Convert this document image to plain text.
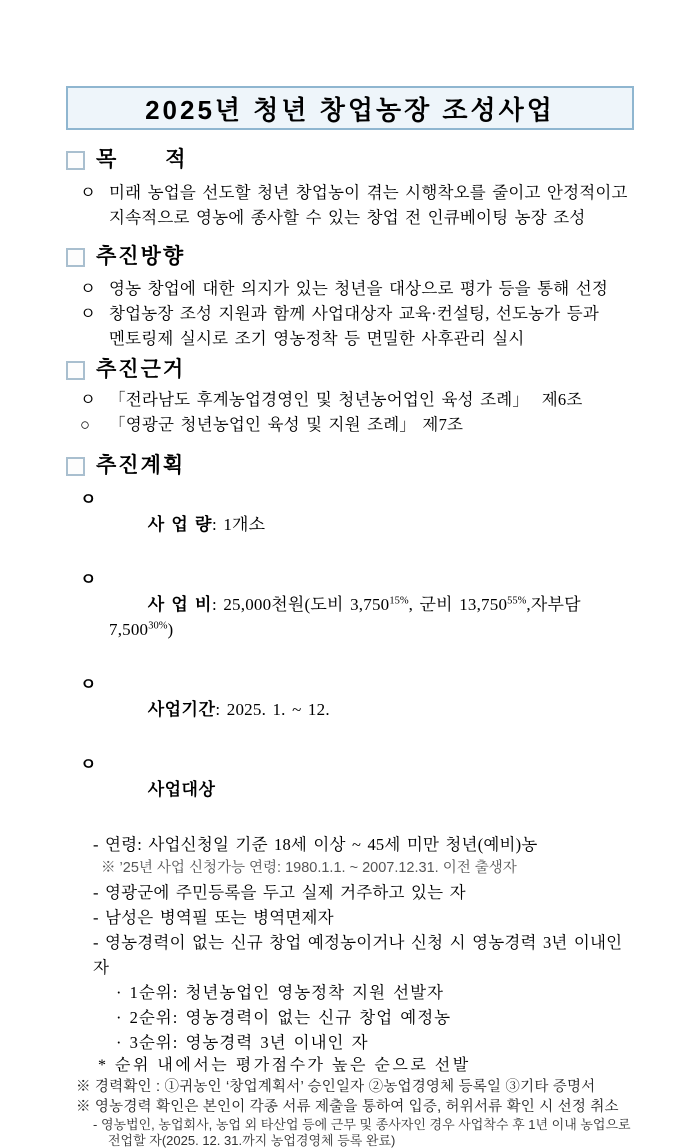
2025년 청년 창업농장 조성사업
목      적
ㅇ 미래 농업을 선도할 청년 창업농이 겪는 시행착오를 줄이고 안정적이고
지속적으로 영농에 종사할 수 있는 창업 전 인큐베이팅 농장 조성
추진방향
ㅇ 영농 창업에 대한 의지가 있는 청년을 대상으로 평가 등을 통해 선정
ㅇ 창업농장 조성 지원과 함께 사업대상자 교육·컨설팅, 선도농가 등과
멘토링제 실시로 조기 영농정착 등 면밀한 사후관리 실시
추진근거
ㅇ 「전라남도 후계농업경영인 및 청년농어업인 육성 조례」  제6조
○	「영광군 청년농업인 육성 및 지원 조례」 제7조
추진계획
ㅇ

사 업 량: 1개소

ㅇ

사 업 비: 25,000천원(도비 $3,750^{15\%}$, 군비 $13,750^{55\%}$,자부담 $7,500^{30\%}$)

ㅇ

사업기간: 2025. 1. ~ 12.

ㅇ

사업대상

- 연령: 사업신청일 기준 18세 이상 ~ 45세 미만 청년(예비)농
※ ’25년 사업 신청가능 연령: 1980.1.1. ~ 2007.12.31. 이전 출생자
- 영광군에 주민등록을 두고 실제 거주하고 있는 자
- 남성은 병역필 또는 병역면제자
- 영농경력이 없는 신규 창업 예정농이거나 신청 시 영농경력 3년 이내인 자
· 1순위: 청년농업인 영농정착 지원 선발자
· 2순위: 영농경력이 없는 신규 창업 예정농
· 3순위: 영농경력 3년 이내인 자
* 순위 내에서는 평가점수가 높은 순으로 선발
※ 경력확인 : ①귀농인 ‘창업계획서’ 승인일자 ②농업경영체 등록일 ③기타 증명서
※ 영농경력 확인은 본인이 각종 서류 제출을 통하여 입증, 허위서류 확인 시 선정 취소
- 영농법인, 농업회사, 농업 외 타산업 등에 근무 및 종사자인 경우 사업착수 후 1년 이내 농업으로
전업할 자(2025. 12. 31.까지 농업경영체 등록 완료)
